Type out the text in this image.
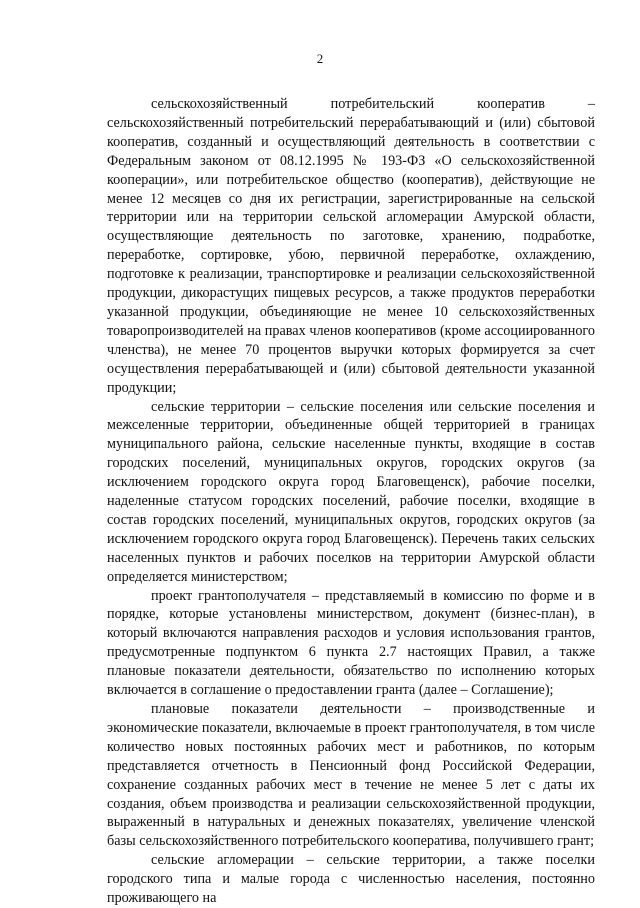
2

сельскохозяйственный потребительский кооператив – сельскохозяйственный потребительский перерабатывающий и (или) сбытовой кооператив, созданный и осуществляющий деятельность в соответствии с Федеральным законом от 08.12.1995 № 193-ФЗ «О сельскохозяйственной кооперации», или потребительское общество (кооператив), действующие не менее 12 месяцев со дня их регистрации, зарегистрированные на сельской территории или на территории сельской агломерации Амурской области, осуществляющие деятельность по заготовке, хранению, подработке, переработке, сортировке, убою, первичной переработке, охлаждению, подготовке к реализации, транспортировке и реализации сельскохозяйственной продукции, дикорастущих пищевых ресурсов, а также продуктов переработки указанной продукции, объединяющие не менее 10 сельскохозяйственных товаропроизводителей на правах членов кооперативов (кроме ассоциированного членства), не менее 70 процентов выручки которых формируется за счет осуществления перерабатывающей и (или) сбытовой деятельности указанной продукции;

сельские территории – сельские поселения или сельские поселения и межселенные территории, объединенные общей территорией в границах муниципального района, сельские населенные пункты, входящие в состав городских поселений, муниципальных округов, городских округов (за исключением городского округа город Благовещенск), рабочие поселки, наделенные статусом городских поселений, рабочие поселки, входящие в состав городских поселений, муниципальных округов, городских округов (за исключением городского округа город Благовещенск). Перечень таких сельских населенных пунктов и рабочих поселков на территории Амурской области определяется министерством;

проект грантополучателя – представляемый в комиссию по форме и в порядке, которые установлены министерством, документ (бизнес-план), в который включаются направления расходов и условия использования грантов, предусмотренные подпунктом 6 пункта 2.7 настоящих Правил, а также плановые показатели деятельности, обязательство по исполнению которых включается в соглашение о предоставлении гранта (далее – Соглашение);

плановые показатели деятельности – производственные и экономические показатели, включаемые в проект грантополучателя, в том числе количество новых постоянных рабочих мест и работников, по которым представляется отчетность в Пенсионный фонд Российской Федерации, сохранение созданных рабочих мест в течение не менее 5 лет с даты их создания, объем производства и реализации сельскохозяйственной продукции, выраженный в натуральных и денежных показателях, увеличение членской базы сельскохозяйственного потребительского кооператива, получившего грант;

сельские агломерации – сельские территории, а также поселки городского типа и малые города с численностью населения, постоянно проживающего на
